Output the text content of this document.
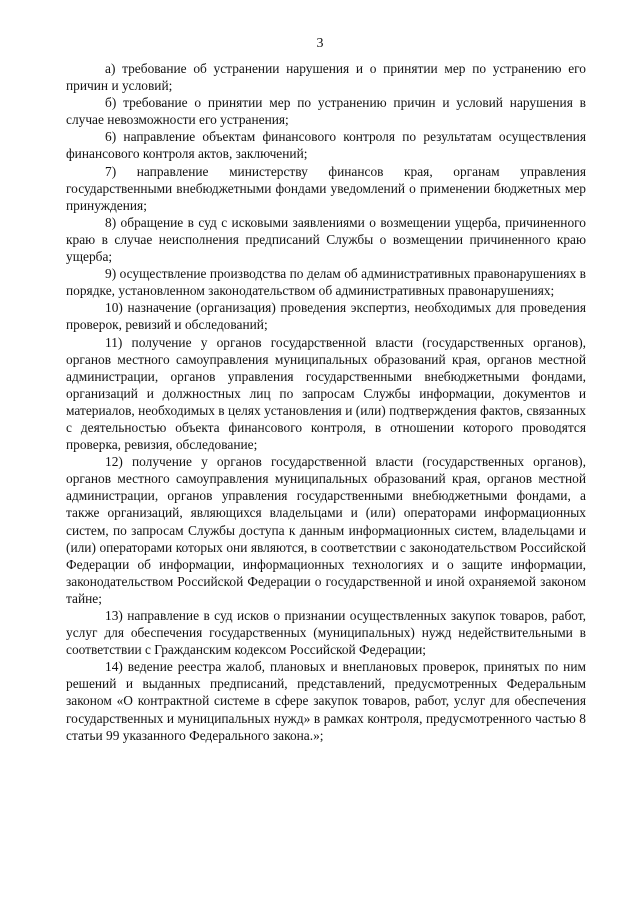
3

а) требование об устранении нарушения и о принятии мер по устранению его причин и условий;

б) требование о принятии мер по устранению причин и условий нарушения в случае невозможности его устранения;

6) направление объектам финансового контроля по результатам осуществления финансового контроля актов, заключений;

7) направление министерству финансов края, органам управления государственными внебюджетными фондами уведомлений о применении бюджетных мер принуждения;

8) обращение в суд с исковыми заявлениями о возмещении ущерба, причиненного краю в случае неисполнения предписаний Службы о возмещении причиненного краю ущерба;

9) осуществление производства по делам об административных правонарушениях в порядке, установленном законодательством об административных правонарушениях;

10) назначение (организация) проведения экспертиз, необходимых для проведения проверок, ревизий и обследований;

11) получение у органов государственной власти (государственных органов), органов местного самоуправления муниципальных образований края, органов местной администрации, органов управления государственными внебюджетными фондами, организаций и должностных лиц по запросам Службы информации, документов и материалов, необходимых в целях установления и (или) подтверждения фактов, связанных с деятельностью объекта финансового контроля, в отношении которого проводятся проверка, ревизия, обследование;

12) получение у органов государственной власти (государственных органов), органов местного самоуправления муниципальных образований края, органов местной администрации, органов управления государственными внебюджетными фондами, а также организаций, являющихся владельцами и (или) операторами информационных систем, по запросам Службы доступа к данным информационных систем, владельцами и (или) операторами которых они являются, в соответствии с законодательством Российской Федерации об информации, информационных технологиях и о защите информации, законодательством Российской Федерации о государственной и иной охраняемой законом тайне;

13) направление в суд исков о признании осуществленных закупок товаров, работ, услуг для обеспечения государственных (муниципальных) нужд недействительными в соответствии с Гражданским кодексом Российской Федерации;

14) ведение реестра жалоб, плановых и внеплановых проверок, принятых по ним решений и выданных предписаний, представлений, предусмотренных Федеральным законом «О контрактной системе в сфере закупок товаров, работ, услуг для обеспечения государственных и муниципальных нужд» в рамках контроля, предусмотренного частью 8 статьи 99 указанного Федерального закона.»;
